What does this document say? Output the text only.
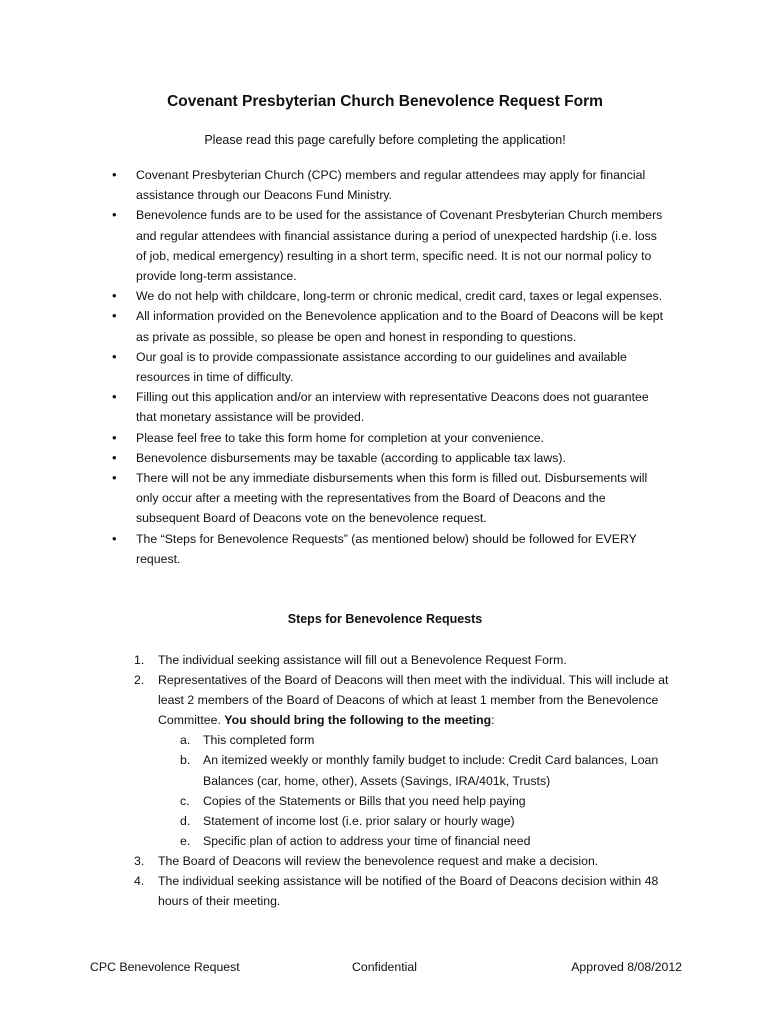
Covenant Presbyterian Church Benevolence Request Form
Please read this page carefully before completing the application!
• Covenant Presbyterian Church (CPC) members and regular attendees may apply for financial assistance through our Deacons Fund Ministry.
• Benevolence funds are to be used for the assistance of Covenant Presbyterian Church members and regular attendees with financial assistance during a period of unexpected hardship (i.e. loss of job, medical emergency) resulting in a short term, specific need. It is not our normal policy to provide long-term assistance.
• We do not help with childcare, long-term or chronic medical, credit card, taxes or legal expenses.
• All information provided on the Benevolence application and to the Board of Deacons will be kept as private as possible, so please be open and honest in responding to questions.
• Our goal is to provide compassionate assistance according to our guidelines and available resources in time of difficulty.
• Filling out this application and/or an interview with representative Deacons does not guarantee that monetary assistance will be provided.
• Please feel free to take this form home for completion at your convenience.
• Benevolence disbursements may be taxable (according to applicable tax laws).
• There will not be any immediate disbursements when this form is filled out. Disbursements will only occur after a meeting with the representatives from the Board of Deacons and the subsequent Board of Deacons vote on the benevolence request.
• The “Steps for Benevolence Requests” (as mentioned below) should be followed for EVERY request.
Steps for Benevolence Requests
1. The individual seeking assistance will fill out a Benevolence Request Form.
2. Representatives of the Board of Deacons will then meet with the individual. This will include at least 2 members of the Board of Deacons of which at least 1 member from the Benevolence Committee. You should bring the following to the meeting:
a. This completed form
b. An itemized weekly or monthly family budget to include: Credit Card balances, Loan Balances (car, home, other), Assets (Savings, IRA/401k, Trusts)
c. Copies of the Statements or Bills that you need help paying
d. Statement of income lost (i.e. prior salary or hourly wage)
e. Specific plan of action to address your time of financial need
3. The Board of Deacons will review the benevolence request and make a decision.
4. The individual seeking assistance will be notified of the Board of Deacons decision within 48 hours of their meeting.
CPC Benevolence Request	Confidential	Approved 8/08/2012
